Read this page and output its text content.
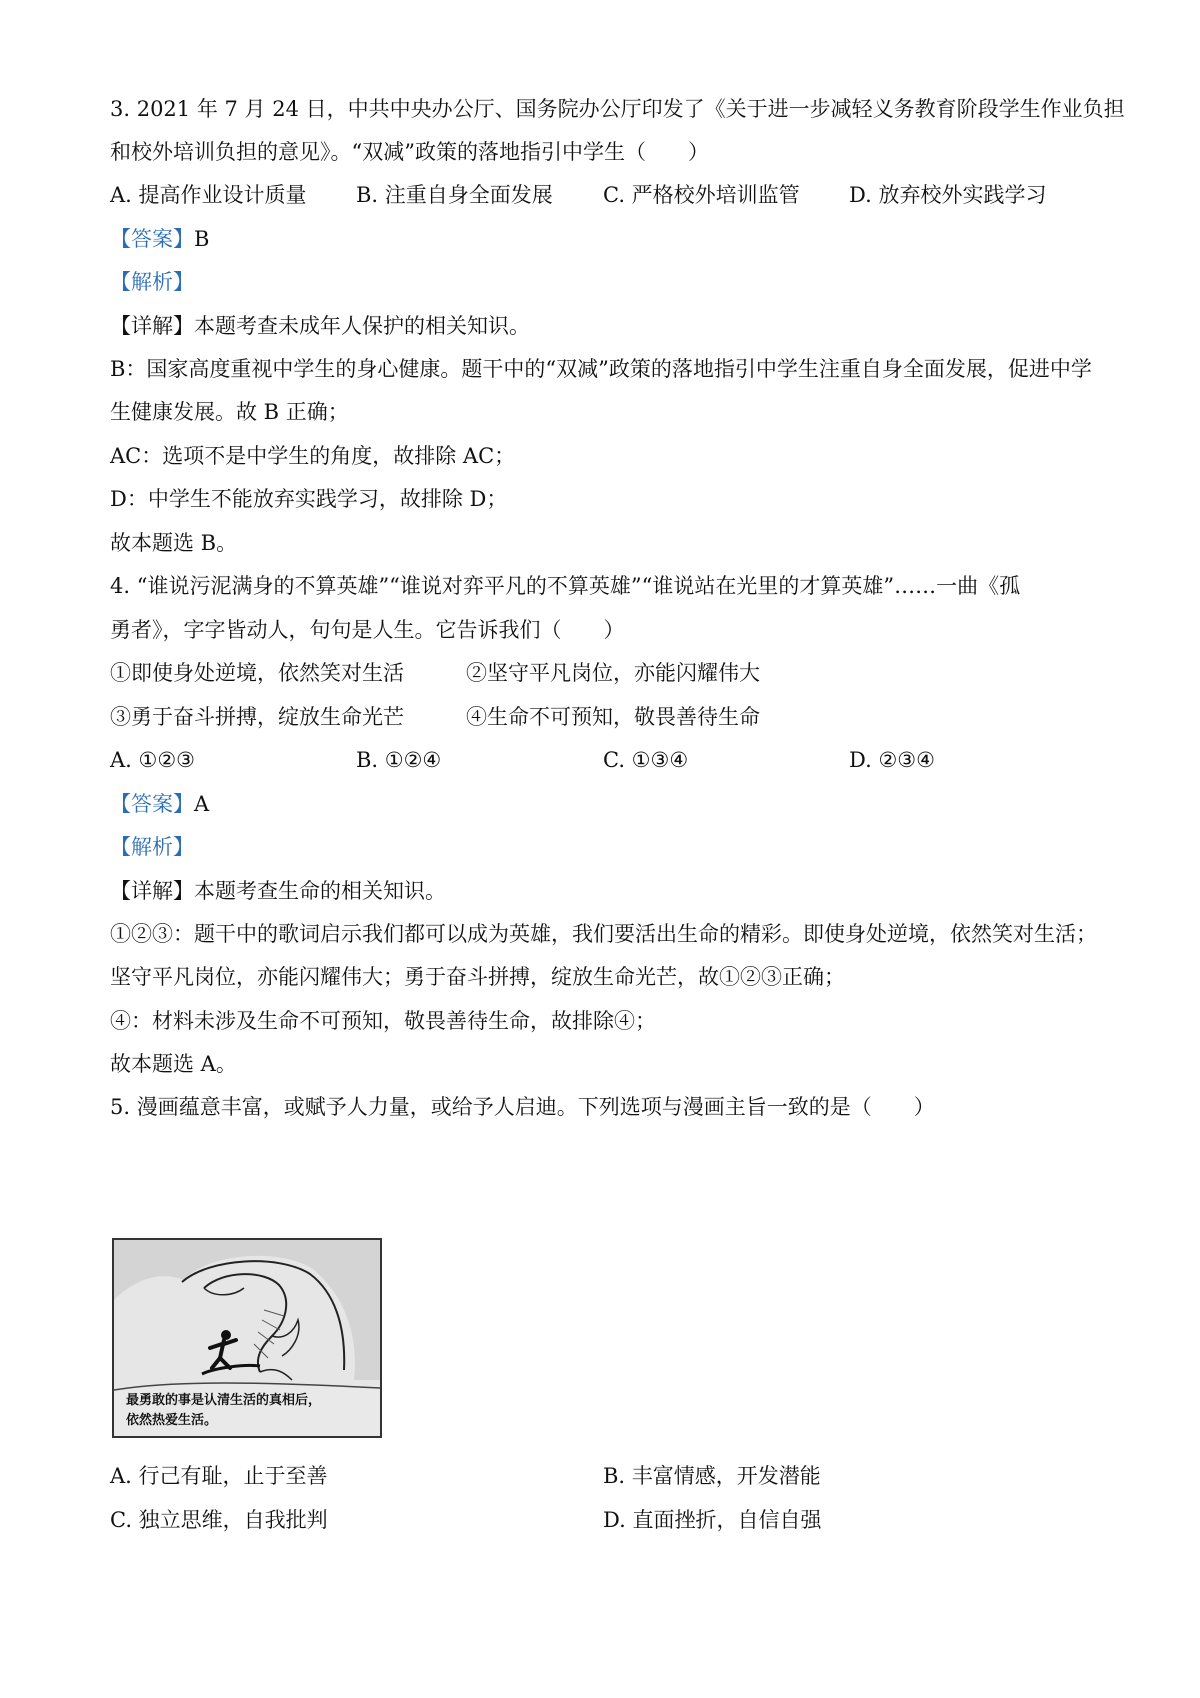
3. 2021 年 7 月 24 日，中共中央办公厅、国务院办公厅印发了《关于进一步减轻义务教育阶段学生作业负担
和校外培训负担的意见》。“双减”政策的落地指引中学生（　　）
A. 提高作业设计质量 B. 注重自身全面发展 C. 严格校外培训监管 D. 放弃校外实践学习
【答案】B
【解析】
【详解】本题考查未成年人保护的相关知识。
B：国家高度重视中学生的身心健康。题干中的“双减”政策的落地指引中学生注重自身全面发展，促进中学
生健康发展。故 B 正确；
AC：选项不是中学生的角度，故排除 AC；
D：中学生不能放弃实践学习，故排除 D；
故本题选 B。
4. “谁说污泥满身的不算英雄”“谁说对弈平凡的不算英雄”“谁说站在光里的才算英雄”……一曲《孤
勇者》，字字皆动人，句句是人生。它告诉我们（　　）
①即使身处逆境，依然笑对生活	②坚守平凡岗位，亦能闪耀伟大
③勇于奋斗拼搏，绽放生命光芒	④生命不可预知，敬畏善待生命
A. ①②③	B. ①②④	C. ①③④	D. ②③④
【答案】A
【解析】
【详解】本题考查生命的相关知识。
①②③：题干中的歌词启示我们都可以成为英雄，我们要活出生命的精彩。即使身处逆境，依然笑对生活；
坚守平凡岗位，亦能闪耀伟大；勇于奋斗拼搏，绽放生命光芒，故①②③正确；
④：材料未涉及生命不可预知，敬畏善待生命，故排除④；
故本题选 A。
5. 漫画蕴意丰富，或赋予人力量，或给予人启迪。下列选项与漫画主旨一致的是（　　）
最勇敢的事是认清生活的真相后，
依然热爱生活。
A. 行己有耻，止于至善	B. 丰富情感，开发潜能
C. 独立思维，自我批判	D. 直面挫折，自信自强
